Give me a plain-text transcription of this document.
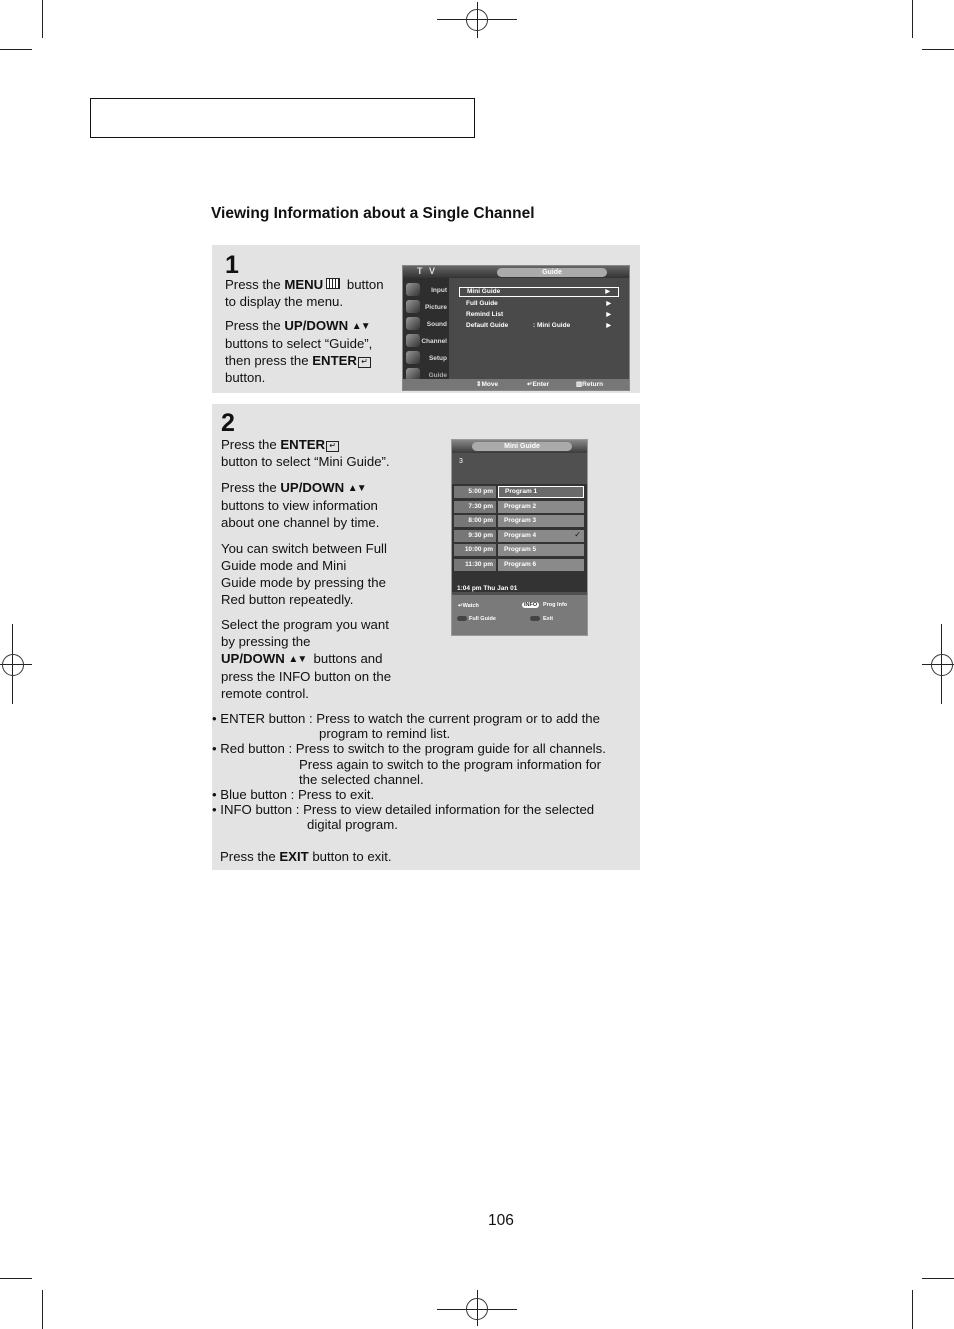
Viewing Information about a Single Channel
1

Press the MENU button
to display the menu.

Press the UP/DOWN ▲▼
buttons to select “Guide”,
then press the ENTER ↵
button.

T V	Guide
Input
Picture
Sound
Channel
Setup
Guide
Mini Guide	▶
Full Guide	▶
Remind List	▶
Default Guide	: Mini Guide	▶
⇕ Move	↵ Enter	▥ Return
2

Press the ENTER ↵
button to select “Mini Guide”.

Press the UP/DOWN ▲▼
buttons to view information
about one channel by time.

You can switch between Full
Guide mode and Mini
Guide mode by pressing the
Red button repeatedly.

Select the program you want
by pressing the
UP/DOWN ▲▼ buttons and
press the INFO button on the
remote control.

Mini Guide
3
5:00 pm	Program 1
7:30 pm	Program 2
8:00 pm	Program 3
9:30 pm	Program 4	✓
10:00 pm	Program 5
11:30 pm	Program 6
1:04 pm Thu Jan 01
↵ Watch	INFO	Prog Info
Full Guide	Exit
• ENTER button : Press to watch the current program or to add the
program to remind list.
• Red button : Press to switch to the program guide for all channels.
Press again to switch to the program information for
the selected channel.
• Blue button : Press to exit.
• INFO button : Press to view detailed information for the selected
digital program.
Press the EXIT button to exit.
106
